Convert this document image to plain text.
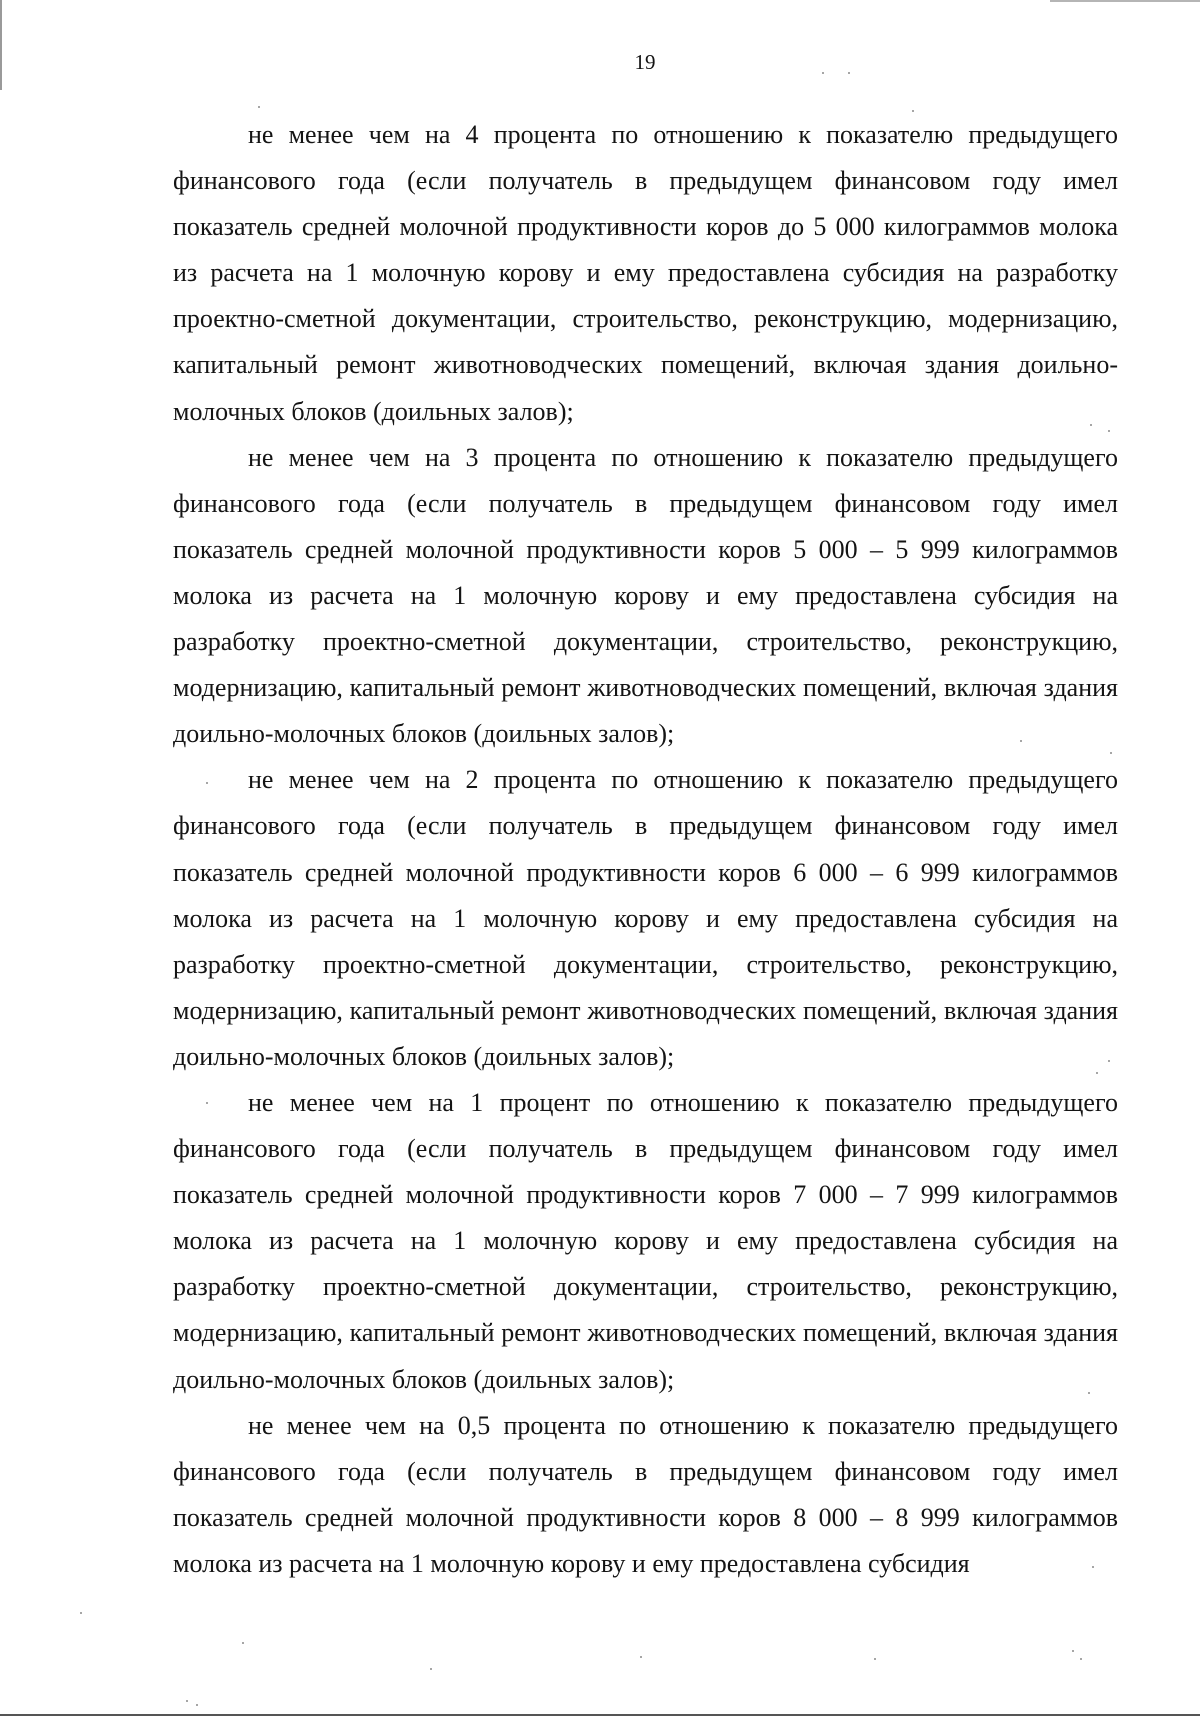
19

не менее чем на 4 процента по отношению к показателю предыдущего финансового года (если получатель в предыдущем финансовом году имел показатель средней молочной продуктивности коров до 5 000 килограммов молока из расчета на 1 молочную корову и ему предоставлена субсидия на разработку проектно-сметной документации, строительство, реконструкцию, модернизацию, капитальный ремонт животноводческих помещений, включая здания доильно-молочных блоков (доильных залов);

не менее чем на 3 процента по отношению к показателю предыдущего финансового года (если получатель в предыдущем финансовом году имел показатель средней молочной продуктивности коров 5 000 – 5 999 килограммов молока из расчета на 1 молочную корову и ему предоставлена субсидия на разработку проектно-сметной документации, строительство, реконструкцию, модернизацию, капитальный ремонт животноводческих помещений, включая здания доильно-молочных блоков (доильных залов);

не менее чем на 2 процента по отношению к показателю предыдущего финансового года (если получатель в предыдущем финансовом году имел показатель средней молочной продуктивности коров 6 000 – 6 999 килограммов молока из расчета на 1 молочную корову и ему предоставлена субсидия на разработку проектно-сметной документации, строительство, реконструкцию, модернизацию, капитальный ремонт животноводческих помещений, включая здания доильно-молочных блоков (доильных залов);

не менее чем на 1 процент по отношению к показателю предыдущего финансового года (если получатель в предыдущем финансовом году имел показатель средней молочной продуктивности коров 7 000 – 7 999 килограммов молока из расчета на 1 молочную корову и ему предоставлена субсидия на разработку проектно-сметной документации, строительство, реконструкцию, модернизацию, капитальный ремонт животноводческих помещений, включая здания доильно-молочных блоков (доильных залов);

не менее чем на 0,5 процента по отношению к показателю предыдущего финансового года (если получатель в предыдущем финансовом году имел показатель средней молочной продуктивности коров 8 000 – 8 999 килограммов молока из расчета на 1 молочную корову и ему предоставлена субсидия
